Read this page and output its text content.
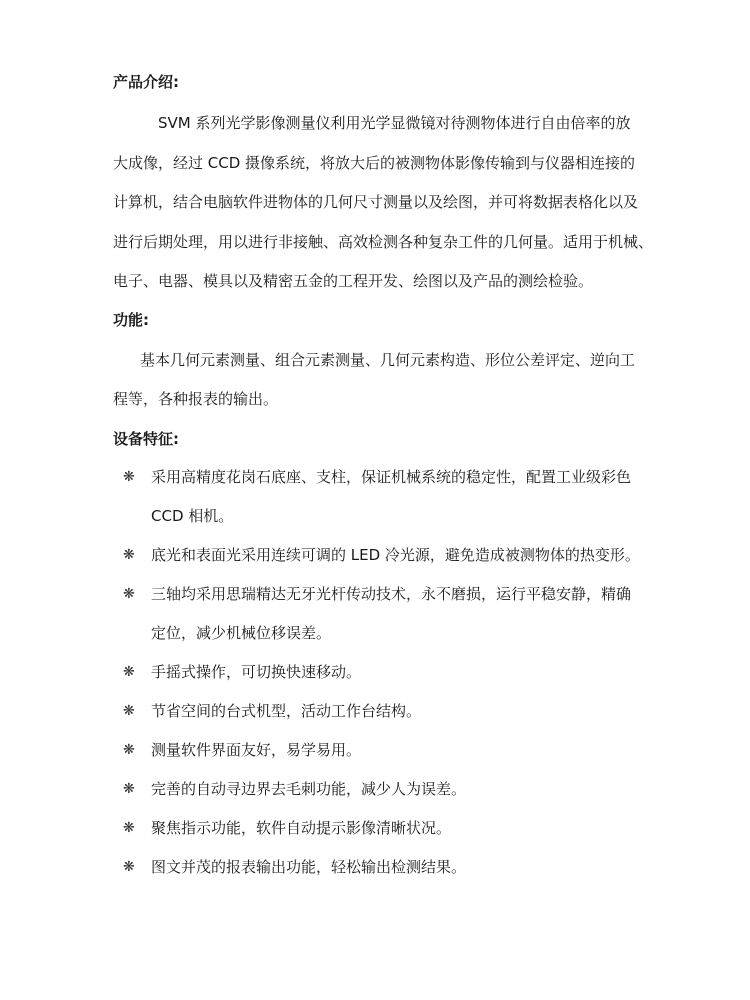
产品介绍:
SVM 系列光学影像测量仪利用光学显微镜对待测物体进行自由倍率的放
大成像，经过 CCD 摄像系统，将放大后的被测物体影像传输到与仪器相连接的
计算机，结合电脑软件进物体的几何尺寸测量以及绘图，并可将数据表格化以及
进行后期处理，用以进行非接触、高效检测各种复杂工件的几何量。适用于机械、
电子、电器、模具以及精密五金的工程开发、绘图以及产品的测绘检验。
功能:
基本几何元素测量、组合元素测量、几何元素构造、形位公差评定、逆向工
程等，各种报表的输出。
设备特征:
❋ 采用高精度花岗石底座、支柱，保证机械系统的稳定性，配置工业级彩色
CCD 相机。
❋ 底光和表面光采用连续可调的 LED 冷光源，避免造成被测物体的热变形。
❋ 三轴均采用思瑞精达无牙光杆传动技术，永不磨损，运行平稳安静，精确
定位，减少机械位移误差。
❋ 手摇式操作，可切换快速移动。
❋ 节省空间的台式机型，活动工作台结构。
❋ 测量软件界面友好，易学易用。
❋ 完善的自动寻边界去毛刺功能，减少人为误差。
❋ 聚焦指示功能，软件自动提示影像清晰状况。
❋ 图文并茂的报表输出功能，轻松输出检测结果。
